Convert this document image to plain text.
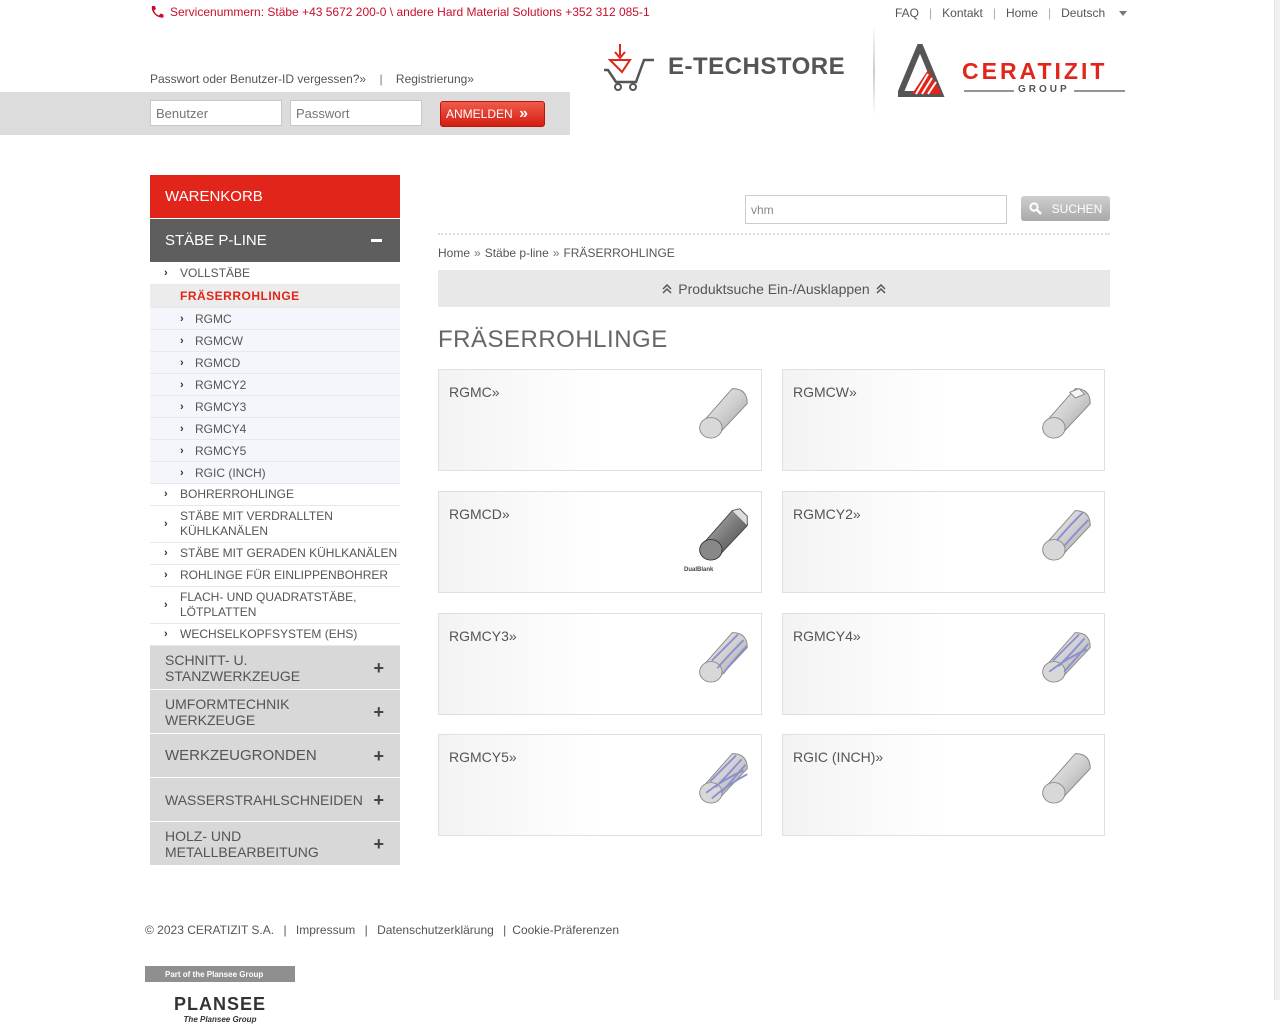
Servicenummern: Stäbe +43 5672 200-0 \ andere Hard Material Solutions +352 312 085-1	FAQ | Kontakt | Home | Deutsch
Passwort oder Benutzer-ID vergessen?» | Registrierung»
Benutzer
ANMELDEN »
E-TECHSTORE	CERATIZIT
GROUP
WARENKORB
STÄBE P-LINE
› VOLLSTÄBE
FRÄSERROHLINGE
› RGMC
› RGMCW
› RGMCD
› RGMCY2
› RGMCY3
› RGMCY4
› RGMCY5
› RGIC (INCH)
› BOHRERROHLINGE
›
STÄBE MIT VERDRALLTEN KÜHLKANÄLEN
› STÄBE MIT GERADEN KÜHLKANÄLEN
› ROHLINGE FÜR EINLIPPENBOHRER
›
FLACH- UND QUADRATSTÄBE, LÖTPLATTEN
› WECHSELKOPFSYSTEM (EHS)
SCHNITT- U. STANZWERKZEUGE	+
UMFORMTECHNIK WERKZEUGE	+
WERKZEUGRONDEN	+
WASSERSTRAHLSCHNEIDEN +
HOLZ- UND METALLBEARBEITUNG	+
vhm
SUCHEN
Home » Stäbe p-line » FRÄSERROHLINGE
Produktsuche Ein-/Ausklappen
FRÄSERROHLINGE
RGMC»	RGMCW»
RGMCD»
DualBlank
RGMCY2»
RGMCY3»	RGMCY4»
RGMCY5»	RGIC (INCH)»
© 2023 CERATIZIT S.A. | Impressum | Datenschutzerklärung | Cookie-Präferenzen
Part of the Plansee Group
PLANSEE
The Plansee Group
